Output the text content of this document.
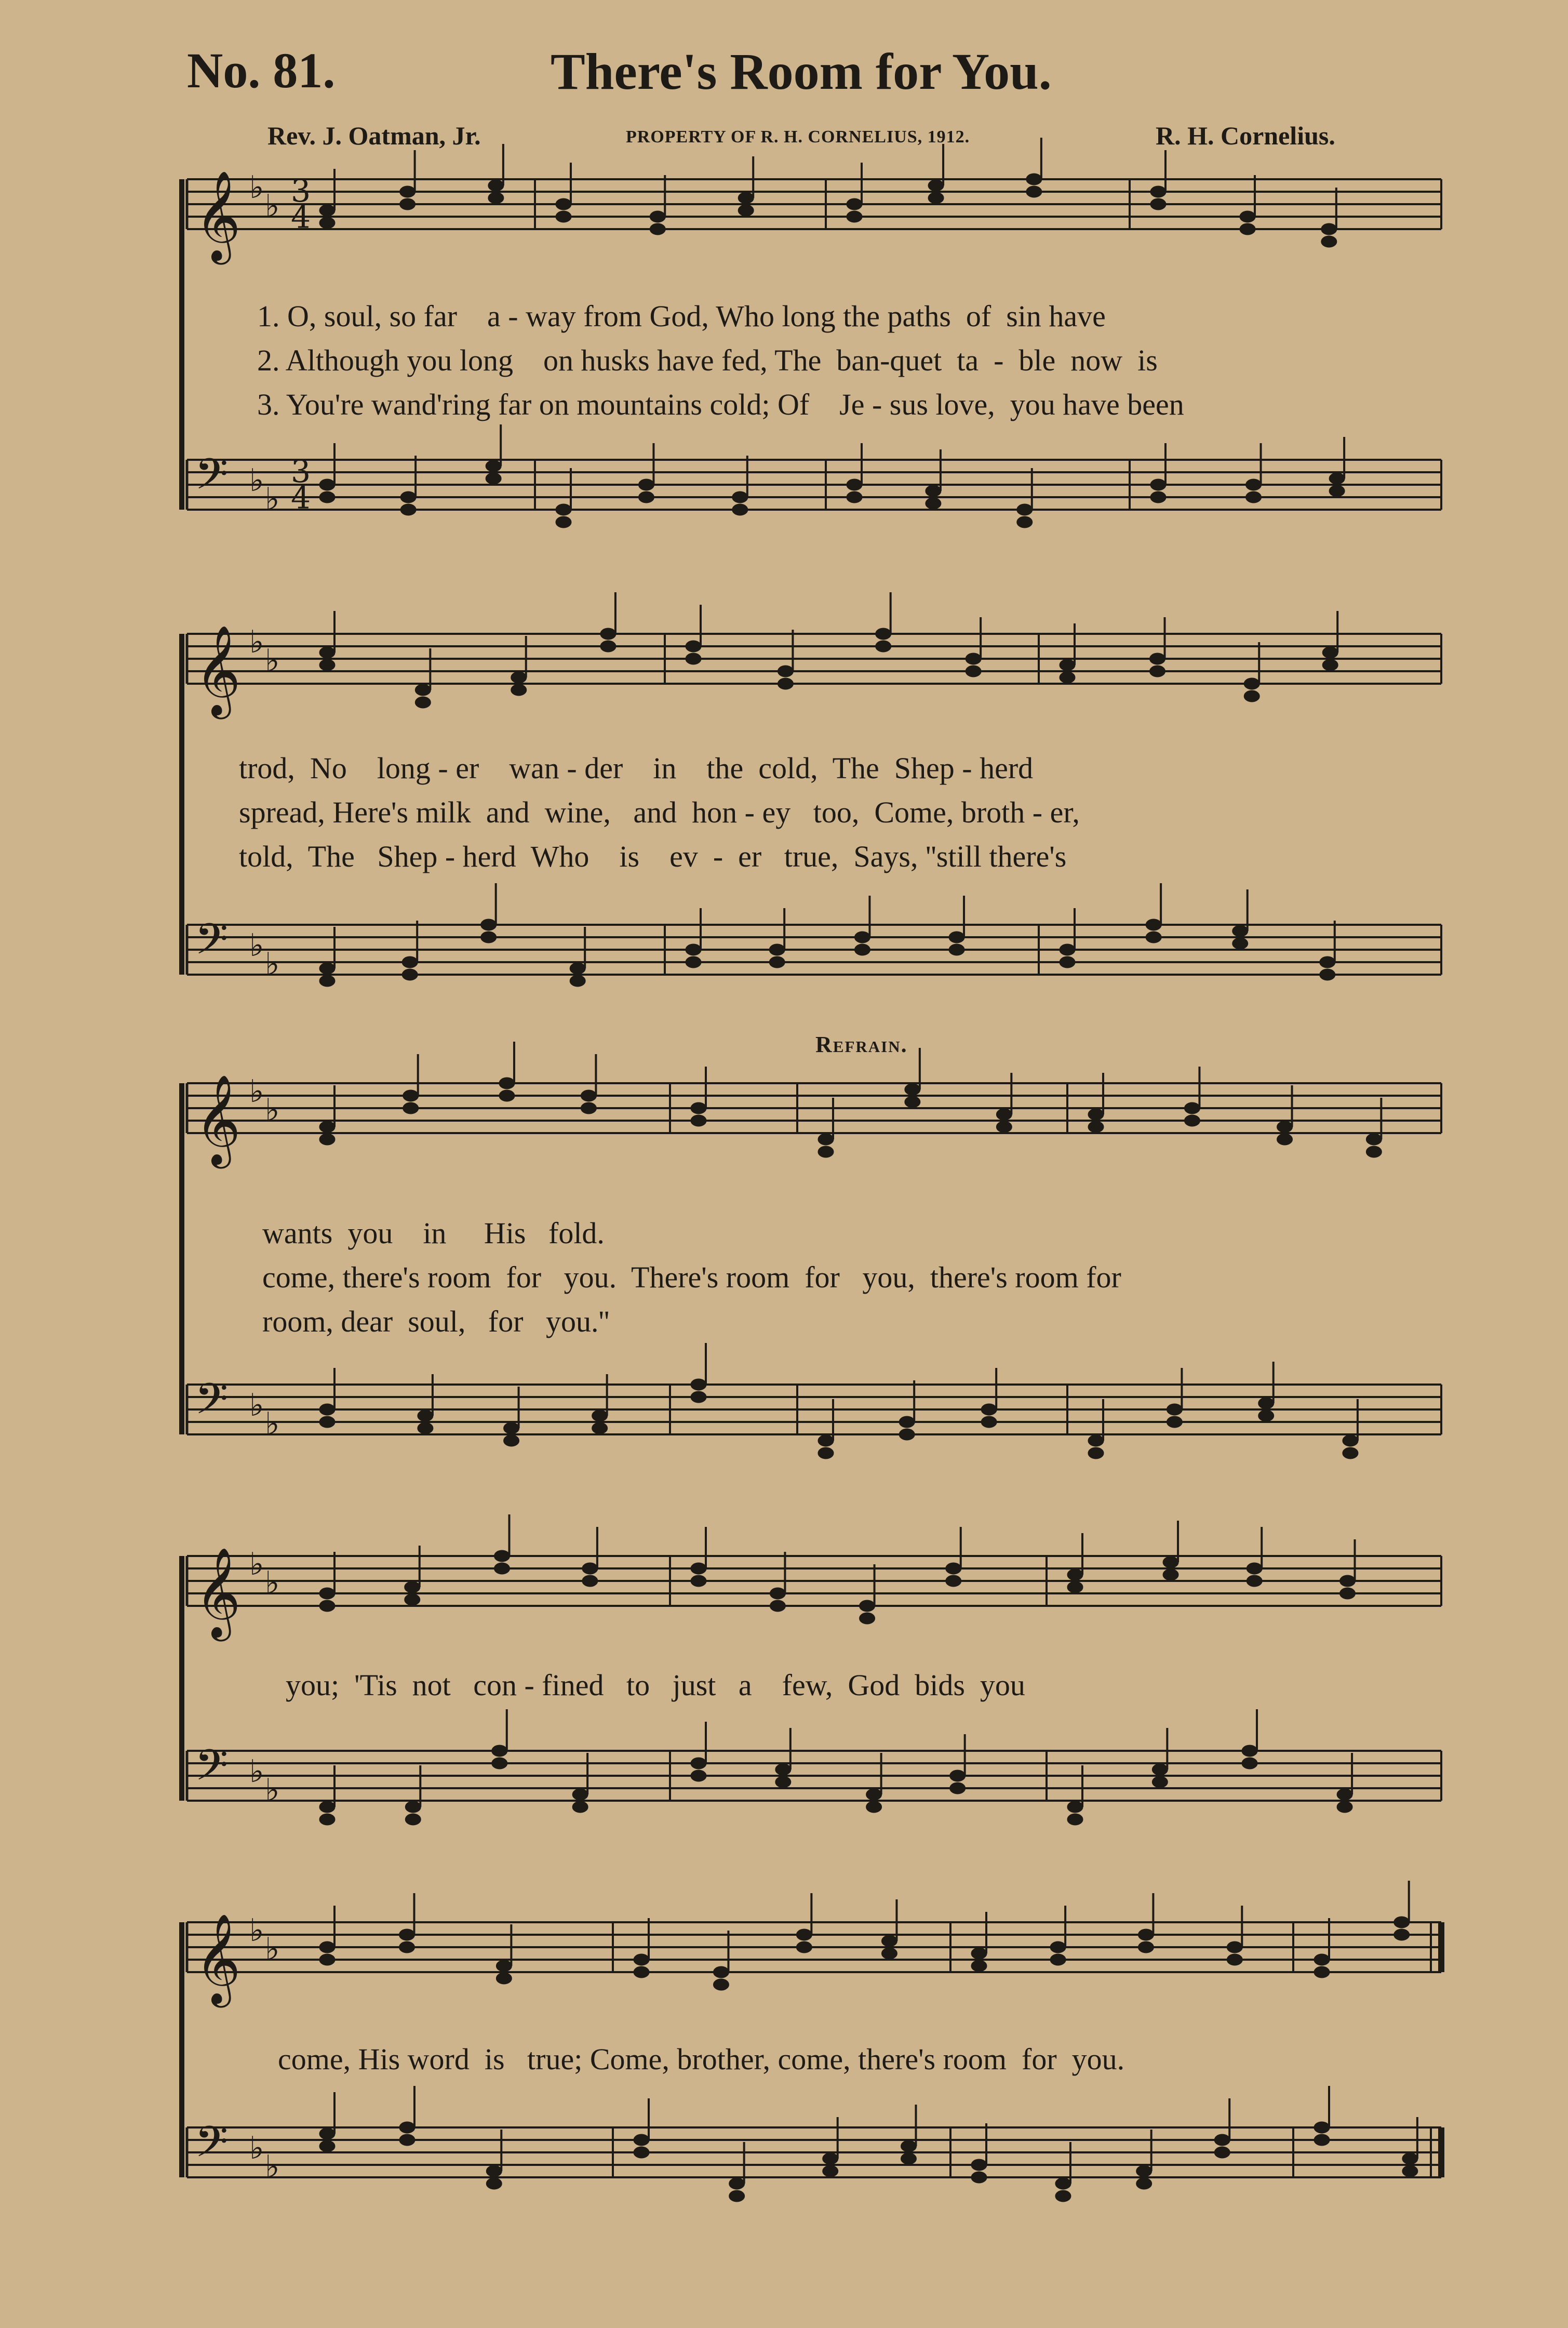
No. 81.	There's Room for You.
Rev. J. Oatman, Jr.	PROPERTY OF R. H. CORNELIUS, 1912.	R. H. Cornelius.
𝄞 ♭
♭ 3
4
𝄢 ♭
♭
3
4
𝄞 ♭
♭
𝄢 ♭
♭
𝄞 ♭
♭
𝄢 ♭
♭
𝄞 ♭
♭
𝄢 ♭
♭
𝄞 ♭
♭
𝄢 ♭
♭
1. O, soul, so far    a - way from God, Who long the paths  of  sin have
2. Although you long    on husks have fed, The  ban-quet  ta  -  ble  now  is
3. You're wand'ring far on mountains cold; Of    Je - sus love,  you have been
trod,  No    long - er    wan - der    in    the  cold,  The  Shep - herd
spread, Here's milk  and  wine,   and  hon - ey   too,  Come, broth - er,
told,  The   Shep - herd  Who    is    ev  -  er   true,  Says, ''still there's
Refrain.
wants  you    in     His   fold.
come, there's room  for   you.  There's room  for   you,  there's room for
room, dear  soul,   for   you.''
you;  'Tis  not   con - fined   to   just   a    few,  God  bids  you
come, His word  is   true; Come, brother, come, there's room  for  you.
